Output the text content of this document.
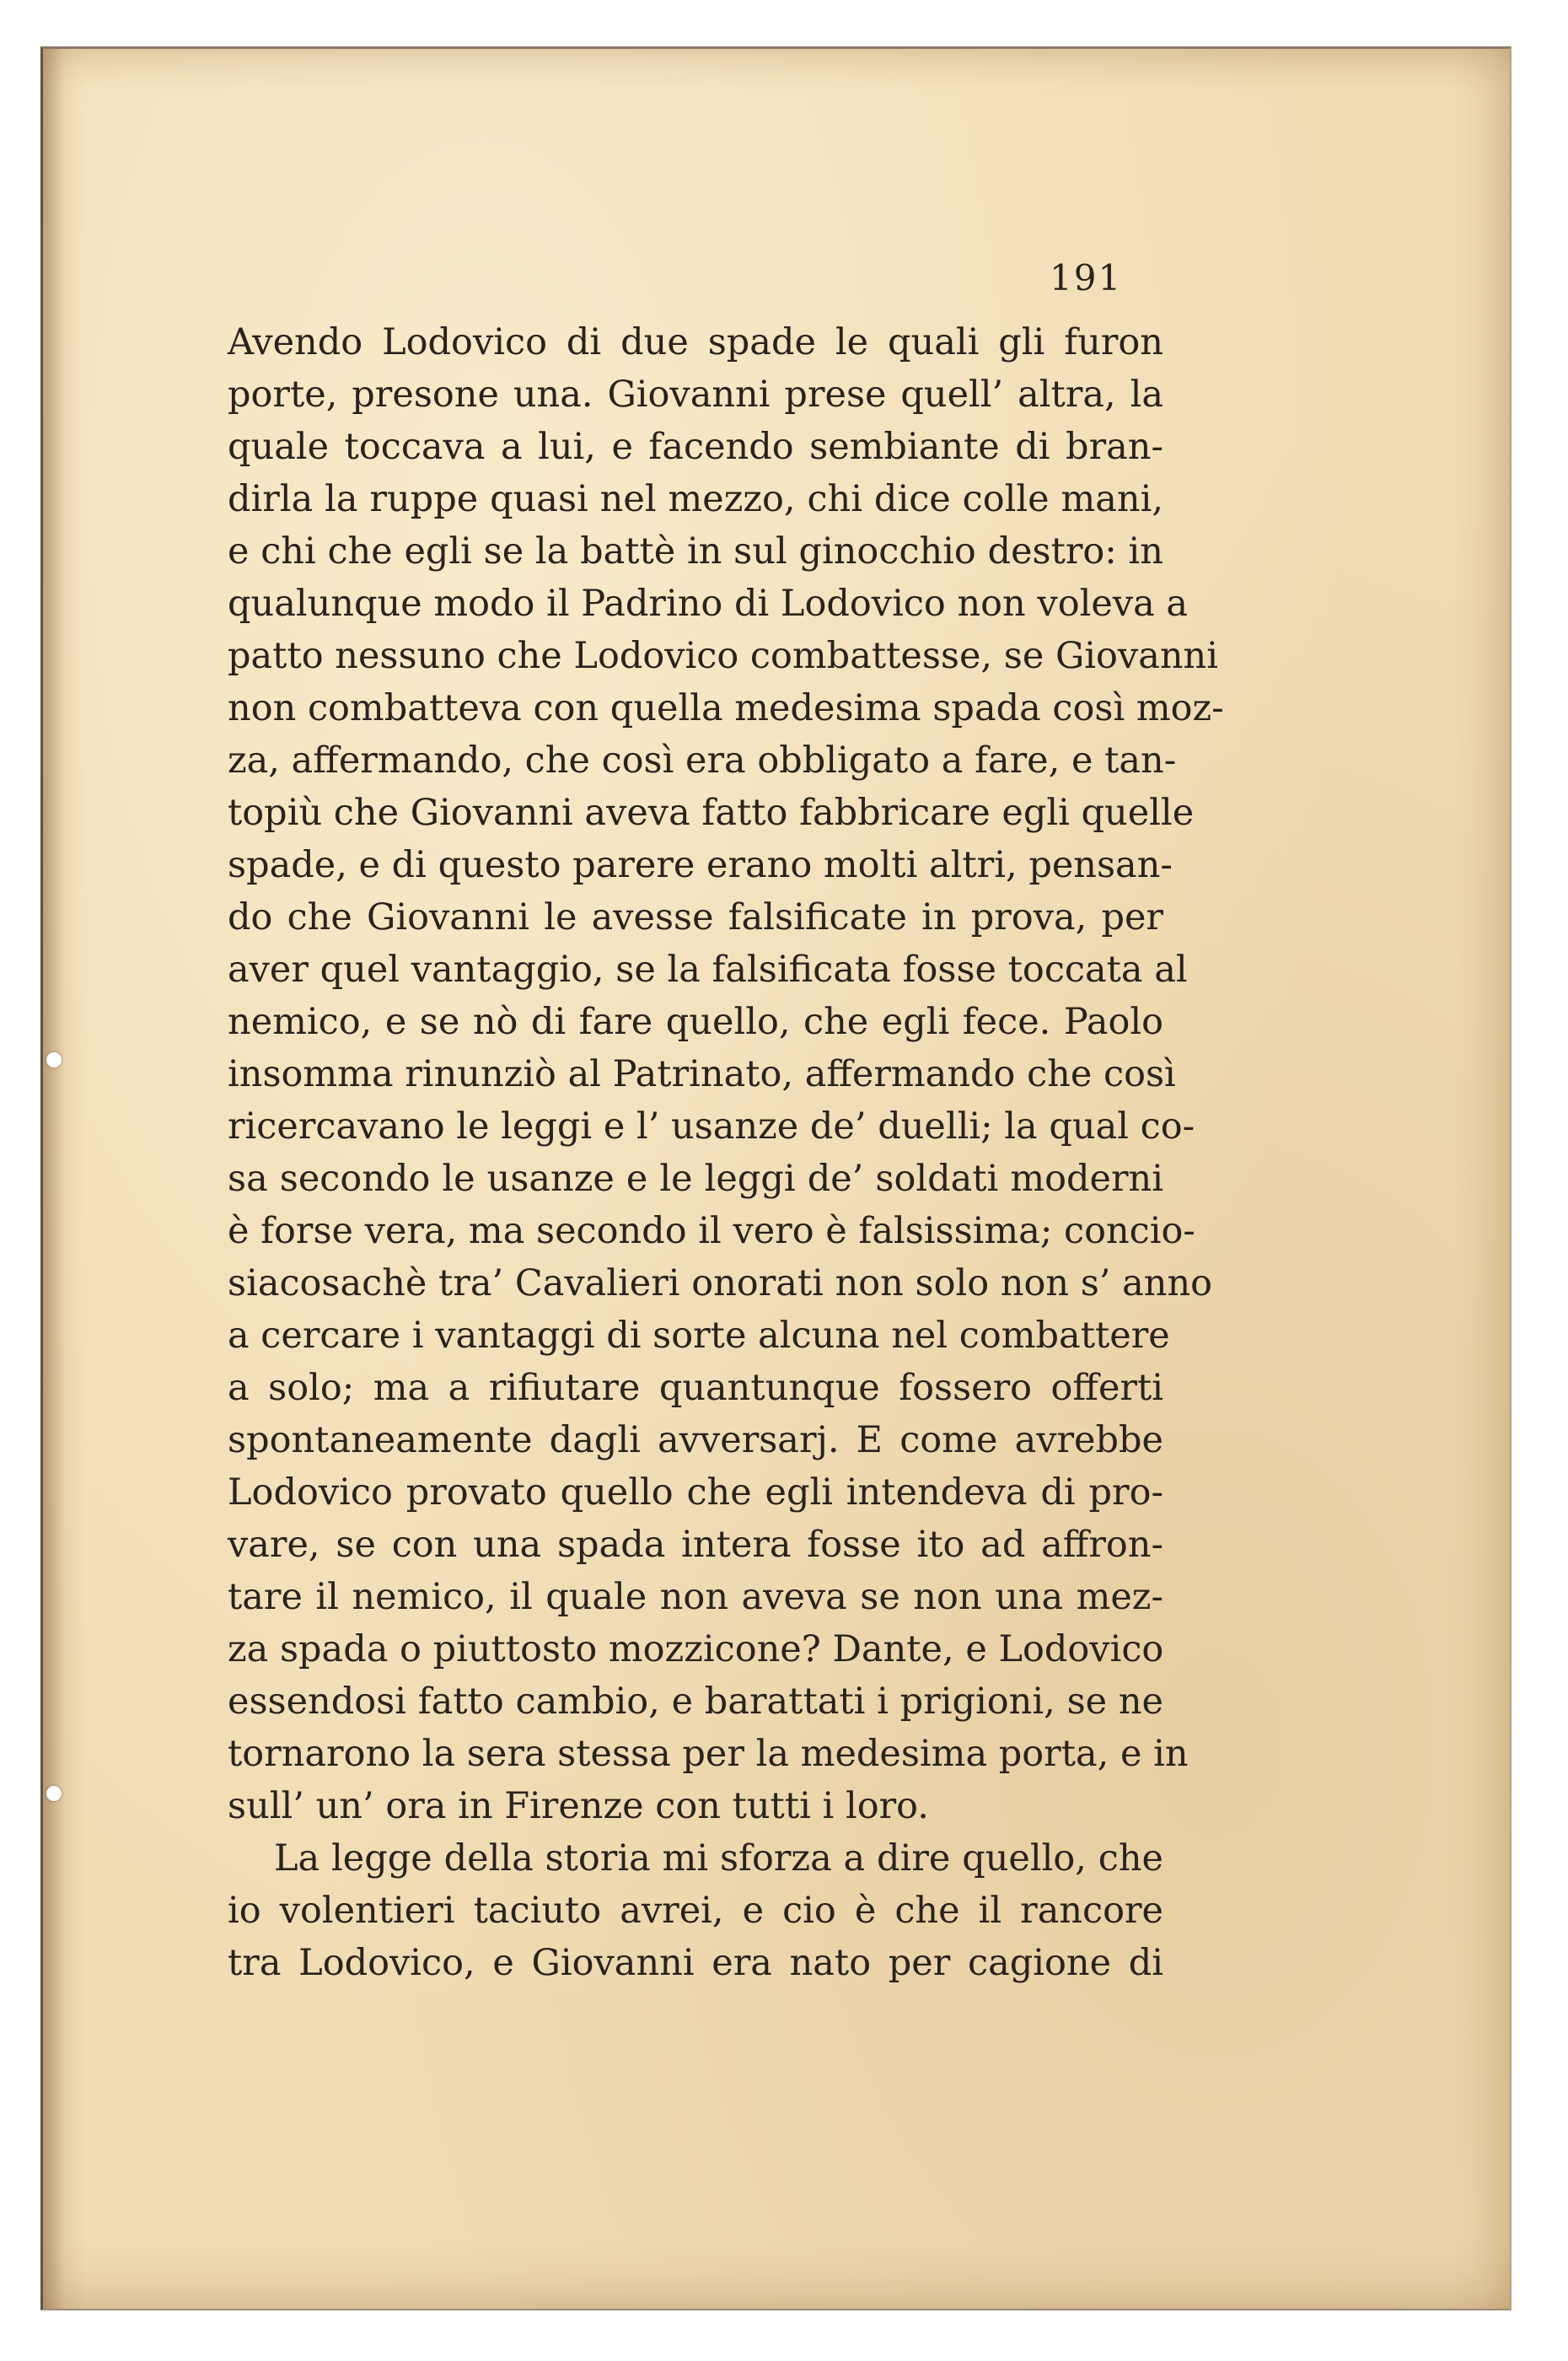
191
Avendo Lodovico di due spade le quali gli furon
porte, presone una. Giovanni prese quell’ altra, la
quale toccava a lui, e facendo sembiante di bran-
dirla la ruppe quasi nel mezzo, chi dice colle mani,
e chi che egli se la battè in sul ginocchio destro: in
qualunque modo il Padrino di Lodovico non voleva a
patto nessuno che Lodovico combattesse, se Giovanni
non combatteva con quella medesima spada così moz-
za, affermando, che così era obbligato a fare, e tan-
topiù che Giovanni aveva fatto fabbricare egli quelle
spade, e di questo parere erano molti altri, pensan-
do che Giovanni le avesse falsificate in prova, per
aver quel vantaggio, se la falsificata fosse toccata al
nemico, e se nò di fare quello, che egli fece. Paolo
insomma rinunziò al Patrinato, affermando che così
ricercavano le leggi e l’ usanze de’ duelli; la qual co-
sa secondo le usanze e le leggi de’ soldati moderni
è forse vera, ma secondo il vero è falsissima; concio-
siacosachè tra’ Cavalieri onorati non solo non s’ anno
a cercare i vantaggi di sorte alcuna nel combattere
a solo; ma a rifiutare quantunque fossero offerti
spontaneamente dagli avversarj. E come avrebbe
Lodovico provato quello che egli intendeva di pro-
vare, se con una spada intera fosse ito ad affron-
tare il nemico, il quale non aveva se non una mez-
za spada o piuttosto mozzicone? Dante, e Lodovico
essendosi fatto cambio, e barattati i prigioni, se ne
tornarono la sera stessa per la medesima porta, e in
sull’ un’ ora in Firenze con tutti i loro.
La legge della storia mi sforza a dire quello, che
io volentieri taciuto avrei, e cio è che il rancore
tra Lodovico, e Giovanni era nato per cagione di
